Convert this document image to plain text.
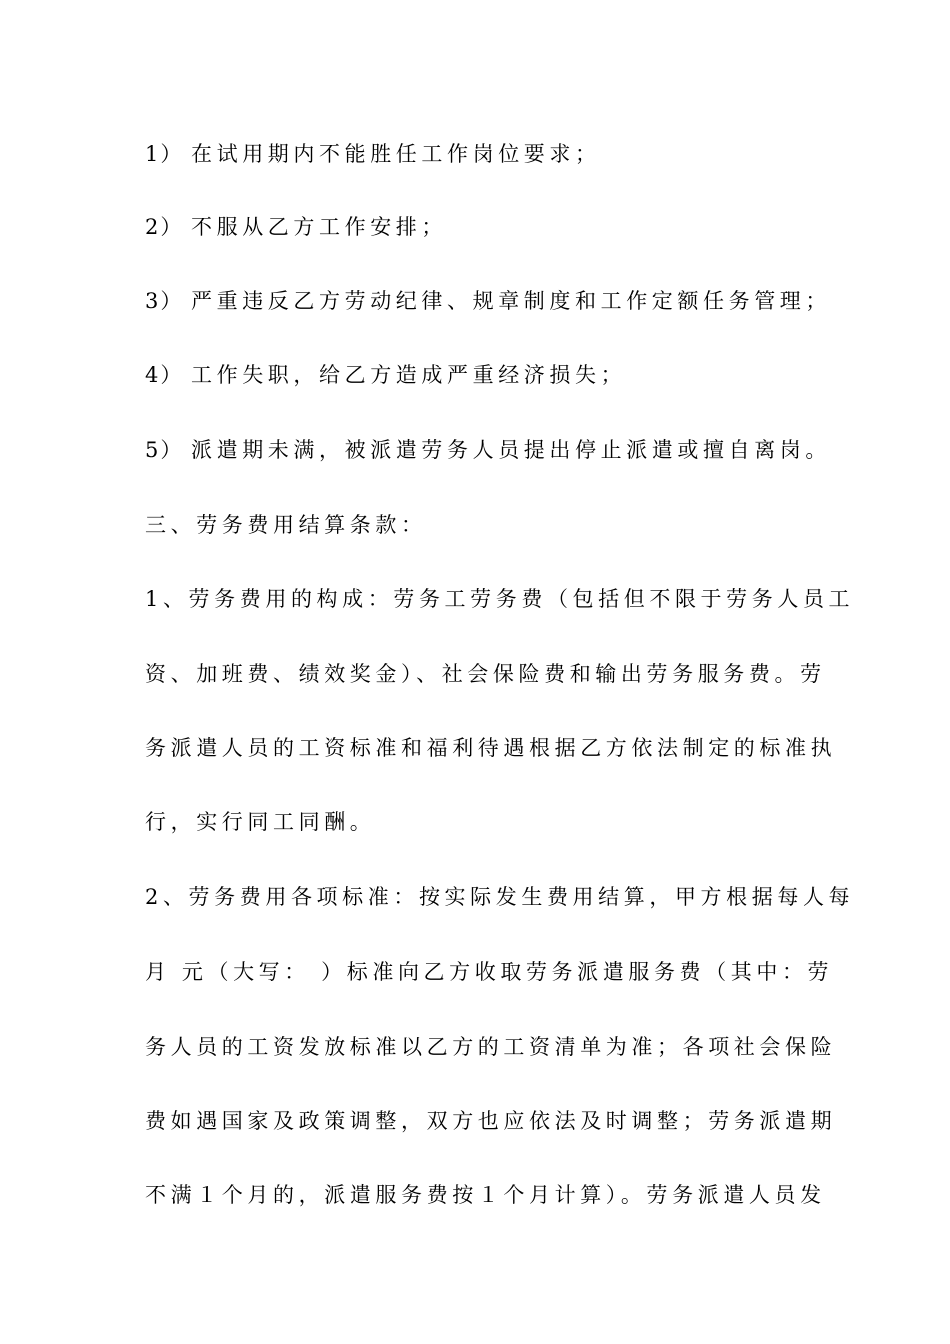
1） 在试用期内不能胜任工作岗位要求；
2） 不服从乙方工作安排；
3） 严重违反乙方劳动纪律、规章制度和工作定额任务管理；
4） 工作失职，给乙方造成严重经济损失；
5） 派遣期未满，被派遣劳务人员提出停止派遣或擅自离岗。
三、劳务费用结算条款：
1、劳务费用的构成：劳务工劳务费（包括但不限于劳务人员工
资、加班费、绩效奖金）、社会保险费和输出劳务服务费。劳
务派遣人员的工资标准和福利待遇根据乙方依法制定的标准执
行，实行同工同酬。
2、劳务费用各项标准：按实际发生费用结算，甲方根据每人每
月 元（大写： ）标准向乙方收取劳务派遣服务费（其中：劳
务人员的工资发放标准以乙方的工资清单为准；各项社会保险
费如遇国家及政策调整，双方也应依法及时调整；劳务派遣期
不满１个月的，派遣服务费按１个月计算）。劳务派遣人员发
